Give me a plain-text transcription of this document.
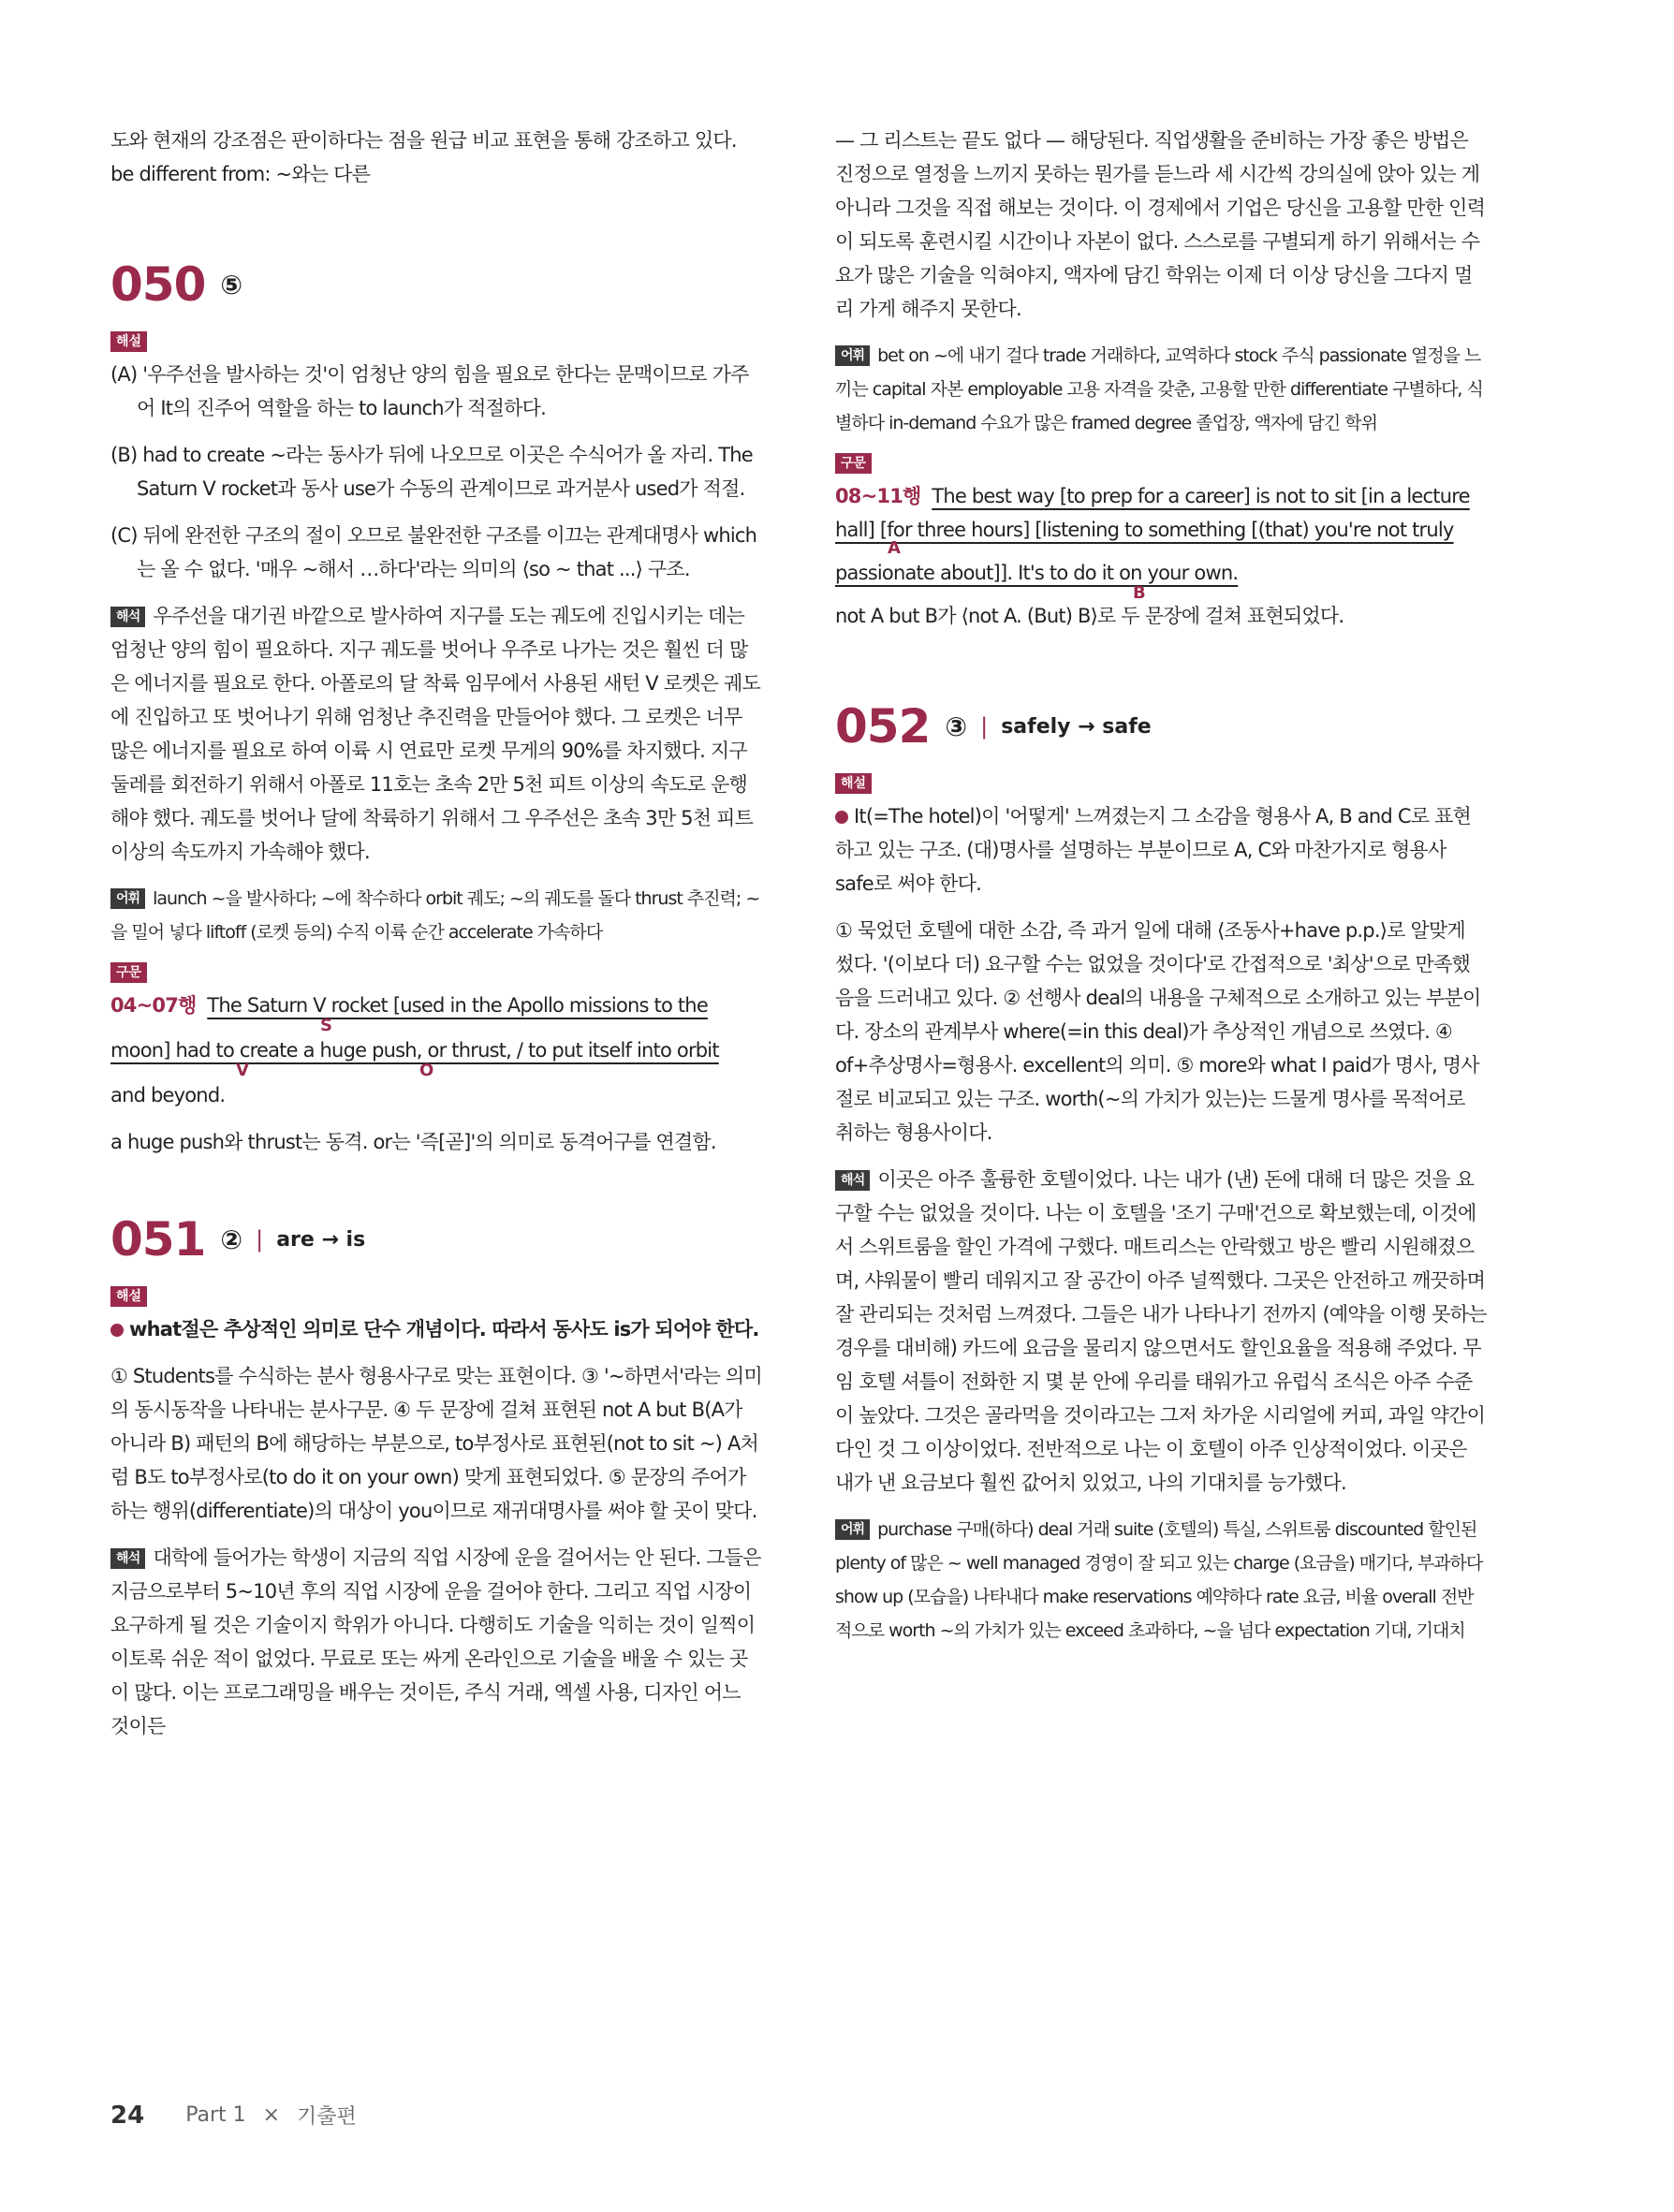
도와 현재의 강조점은 판이하다는 점을 원급 비교 표현을 통해 강조하고 있다. be different from: ~와는 다른

050 ⑤
해설

(A) '우주선을 발사하는 것'이 엄청난 양의 힘을 필요로 한다는 문맥이므로 가주어 It의 진주어 역할을 하는 to launch가 적절하다.

(B) had to create ~라는 동사가 뒤에 나오므로 이곳은 수식어가 올 자리. The Saturn V rocket과 동사 use가 수동의 관계이므로 과거분사 used가 적절.

(C) 뒤에 완전한 구조의 절이 오므로 불완전한 구조를 이끄는 관계대명사 which는 올 수 없다. '매우 ~해서 …하다'라는 의미의 ⟨so ~ that ...⟩ 구조.

해석 우주선을 대기권 바깥으로 발사하여 지구를 도는 궤도에 진입시키는 데는 엄청난 양의 힘이 필요하다. 지구 궤도를 벗어나 우주로 나가는 것은 훨씬 더 많은 에너지를 필요로 한다. 아폴로의 달 착륙 임무에서 사용된 새턴 V 로켓은 궤도에 진입하고 또 벗어나기 위해 엄청난 추진력을 만들어야 했다. 그 로켓은 너무 많은 에너지를 필요로 하여 이륙 시 연료만 로켓 무게의 90%를 차지했다. 지구 둘레를 회전하기 위해서 아폴로 11호는 초속 2만 5천 피트 이상의 속도로 운행해야 했다. 궤도를 벗어나 달에 착륙하기 위해서 그 우주선은 초속 3만 5천 피트 이상의 속도까지 가속해야 했다.

어휘 launch ~을 발사하다; ~에 착수하다 orbit 궤도; ~의 궤도를 돌다 thrust 추진력; ~을 밀어 넣다 liftoff (로켓 등의) 수직 이륙 순간 accelerate 가속하다

구문

04~07행 The Saturn V rocket [used in the Apollo missions to the

S

moon] had to create a huge push, or thrust, / to put itself into orbit

V	O

and beyond.

a huge push와 thrust는 동격. or는 '즉[곧]'의 의미로 동격어구를 연결함.

051 ② | are → is
해설

what절은 추상적인 의미로 단수 개념이다. 따라서 동사도 is가 되어야 한다.

① Students를 수식하는 분사 형용사구로 맞는 표현이다. ③ '~하면서'라는 의미의 동시동작을 나타내는 분사구문. ④ 두 문장에 걸쳐 표현된 not A but B(A가 아니라 B) 패턴의 B에 해당하는 부분으로, to부정사로 표현된(not to sit ~) A처럼 B도 to부정사로(to do it on your own) 맞게 표현되었다. ⑤ 문장의 주어가 하는 행위(differentiate)의 대상이 you이므로 재귀대명사를 써야 할 곳이 맞다.

해석 대학에 들어가는 학생이 지금의 직업 시장에 운을 걸어서는 안 된다. 그들은 지금으로부터 5~10년 후의 직업 시장에 운을 걸어야 한다. 그리고 직업 시장이 요구하게 될 것은 기술이지 학위가 아니다. 다행히도 기술을 익히는 것이 일찍이 이토록 쉬운 적이 없었다. 무료로 또는 싸게 온라인으로 기술을 배울 수 있는 곳이 많다. 이는 프로그래밍을 배우는 것이든, 주식 거래, 엑셀 사용, 디자인 어느 것이든

— 그 리스트는 끝도 없다 — 해당된다. 직업생활을 준비하는 가장 좋은 방법은 진정으로 열정을 느끼지 못하는 뭔가를 듣느라 세 시간씩 강의실에 앉아 있는 게 아니라 그것을 직접 해보는 것이다. 이 경제에서 기업은 당신을 고용할 만한 인력이 되도록 훈련시킬 시간이나 자본이 없다. 스스로를 구별되게 하기 위해서는 수요가 많은 기술을 익혀야지, 액자에 담긴 학위는 이제 더 이상 당신을 그다지 멀리 가게 해주지 못한다.

어휘 bet on ~에 내기 걸다 trade 거래하다, 교역하다 stock 주식 passionate 열정을 느끼는 capital 자본 employable 고용 자격을 갖춘, 고용할 만한 differentiate 구별하다, 식별하다 in-demand 수요가 많은 framed degree 졸업장, 액자에 담긴 학위

구문

08~11행 The best way [to prep for a career] is not to sit [in a lecture

hall] [for three hours] [listening to something [(that) you're not truly

A

passionate about]]. It's to do it on your own.

B

not A but B가 ⟨not A. (But) B⟩로 두 문장에 걸쳐 표현되었다.

052 ③ | safely → safe
해설

It(=The hotel)이 '어떻게' 느껴졌는지 그 소감을 형용사 A, B and C로 표현하고 있는 구조. (대)명사를 설명하는 부분이므로 A, C와 마찬가지로 형용사 safe로 써야 한다.

① 묵었던 호텔에 대한 소감, 즉 과거 일에 대해 ⟨조동사+have p.p.⟩로 알맞게 썼다. '(이보다 더) 요구할 수는 없었을 것이다'로 간접적으로 '최상'으로 만족했음을 드러내고 있다. ② 선행사 deal의 내용을 구체적으로 소개하고 있는 부분이다. 장소의 관계부사 where(=in this deal)가 추상적인 개념으로 쓰였다. ④ of+추상명사=형용사. excellent의 의미. ⑤ more와 what I paid가 명사, 명사절로 비교되고 있는 구조. worth(~의 가치가 있는)는 드물게 명사를 목적어로 취하는 형용사이다.

해석 이곳은 아주 훌륭한 호텔이었다. 나는 내가 (낸) 돈에 대해 더 많은 것을 요구할 수는 없었을 것이다. 나는 이 호텔을 '조기 구매'건으로 확보했는데, 이것에서 스위트룸을 할인 가격에 구했다. 매트리스는 안락했고 방은 빨리 시원해졌으며, 샤워물이 빨리 데워지고 잘 공간이 아주 널찍했다. 그곳은 안전하고 깨끗하며 잘 관리되는 것처럼 느껴졌다. 그들은 내가 나타나기 전까지 (예약을 이행 못하는 경우를 대비해) 카드에 요금을 물리지 않으면서도 할인요율을 적용해 주었다. 무임 호텔 셔틀이 전화한 지 몇 분 안에 우리를 태워가고 유럽식 조식은 아주 수준이 높았다. 그것은 골라먹을 것이라고는 그저 차가운 시리얼에 커피, 과일 약간이 다인 것 그 이상이었다. 전반적으로 나는 이 호텔이 아주 인상적이었다. 이곳은 내가 낸 요금보다 훨씬 값어치 있었고, 나의 기대치를 능가했다.

어휘 purchase 구매(하다) deal 거래 suite (호텔의) 특실, 스위트룸 discounted 할인된 plenty of 많은 ~ well managed 경영이 잘 되고 있는 charge (요금을) 매기다, 부과하다 show up (모습을) 나타내다 make reservations 예약하다 rate 요금, 비율 overall 전반적으로 worth ~의 가치가 있는 exceed 초과하다, ~을 넘다 expectation 기대, 기대치

24 Part 1 × 기출편
